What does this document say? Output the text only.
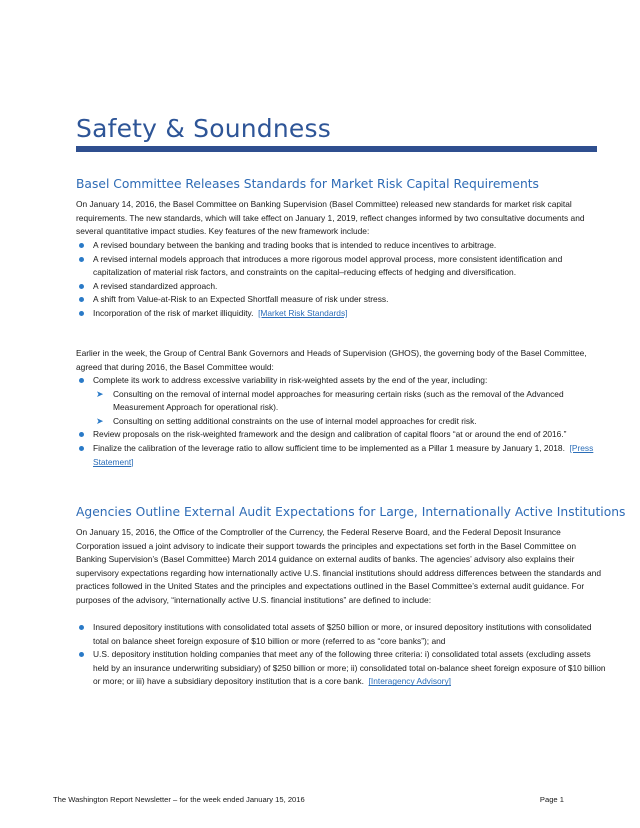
Safety & Soundness
Basel Committee Releases Standards for Market Risk Capital Requirements

On January 14, 2016, the Basel Committee on Banking Supervision (Basel Committee) released new standards for market risk capital requirements. The new standards, which will take effect on January 1, 2019, reflect changes informed by two consultative documents and several quantitative impact studies. Key features of the new framework include:

A revised boundary between the banking and trading books that is intended to reduce incentives to arbitrage.
A revised internal models approach that introduces a more rigorous model approval process, more consistent identification and capitalization of material risk factors, and constraints on the capital–reducing effects of hedging and diversification.
A revised standardized approach.
A shift from Value-at-Risk to an Expected Shortfall measure of risk under stress.
Incorporation of the risk of market illiquidity. [Market Risk Standards]

Earlier in the week, the Group of Central Bank Governors and Heads of Supervision (GHOS), the governing body of the Basel Committee, agreed that during 2016, the Basel Committee would:

Complete its work to address excessive variability in risk-weighted assets by the end of the year, including:
➤ Consulting on the removal of internal model approaches for measuring certain risks (such as the removal of the Advanced Measurement Approach for operational risk).
➤ Consulting on setting additional constraints on the use of internal model approaches for credit risk.
Review proposals on the risk-weighted framework and the design and calibration of capital floors “at or around the end of 2016.”
Finalize the calibration of the leverage ratio to allow sufficient time to be implemented as a Pillar 1 measure by January 1, 2018. [Press Statement]
Agencies Outline External Audit Expectations for Large, Internationally Active Institutions

On January 15, 2016, the Office of the Comptroller of the Currency, the Federal Reserve Board, and the Federal Deposit Insurance Corporation issued a joint advisory to indicate their support towards the principles and expectations set forth in the Basel Committee on Banking Supervision’s (Basel Committee) March 2014 guidance on external audits of banks. The agencies’ advisory also explains their supervisory expectations regarding how internationally active U.S. financial institutions should address differences between the standards and practices followed in the United States and the principles and expectations outlined in the Basel Committee’s external audit guidance. For purposes of the advisory, “internationally active U.S. financial institutions” are defined to include:

Insured depository institutions with consolidated total assets of $250 billion or more, or insured depository institutions with consolidated total on balance sheet foreign exposure of $10 billion or more (referred to as “core banks”); and
U.S. depository institution holding companies that meet any of the following three criteria: i) consolidated total assets (excluding assets held by an insurance underwriting subsidiary) of $250 billion or more; ii) consolidated total on-balance sheet foreign exposure of $10 billion or more; or iii) have a subsidiary depository institution that is a core bank. [Interagency Advisory]
The Washington Report Newsletter – for the week ended January 15, 2016	Page 1
